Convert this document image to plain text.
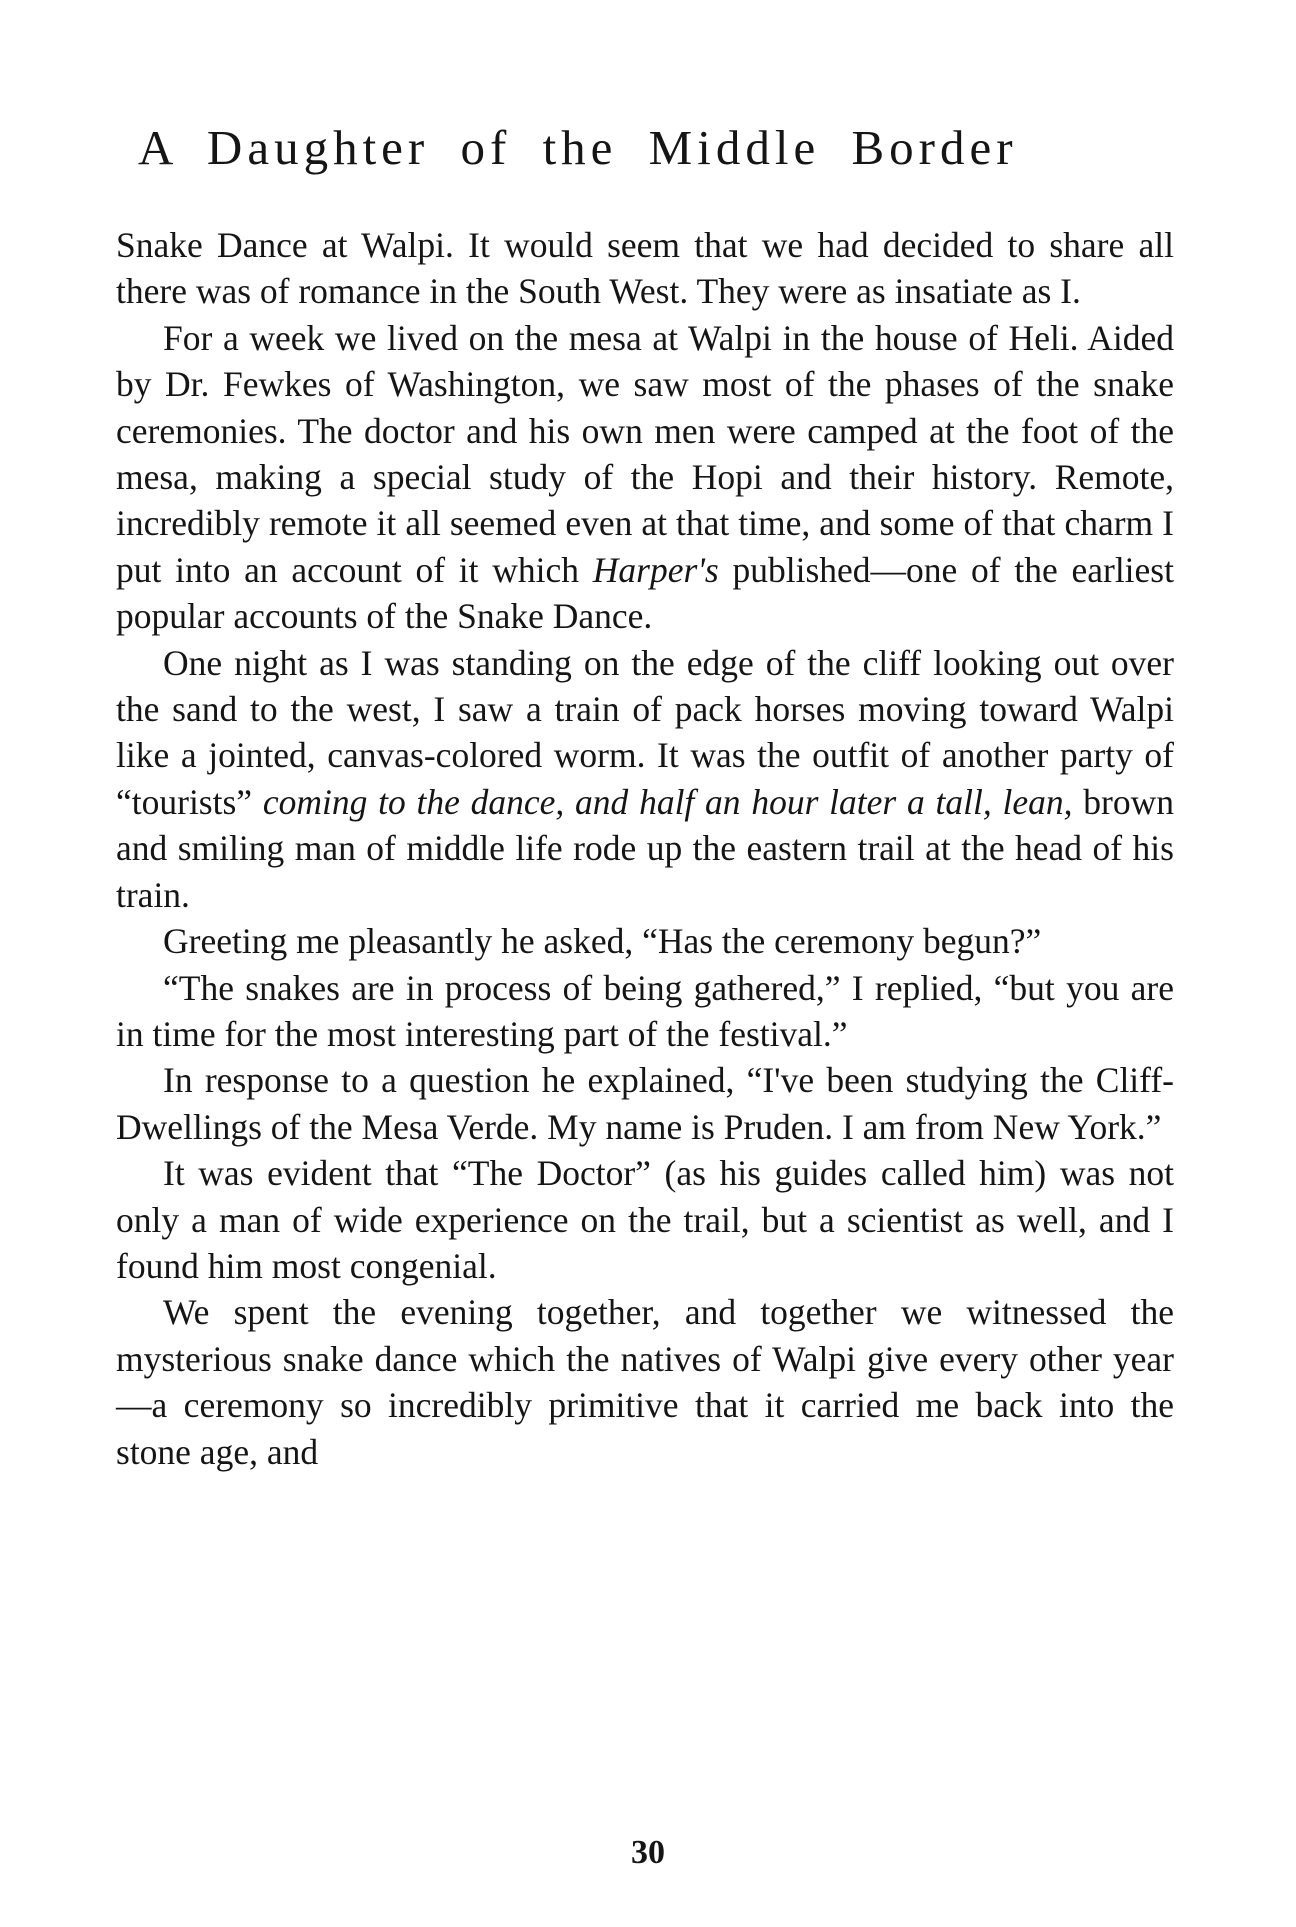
A Daughter of the Middle Border

Snake Dance at Walpi. It would seem that we had decided to share all there was of romance in the South West. They were as insatiate as I.

For a week we lived on the mesa at Walpi in the house of Heli. Aided by Dr. Fewkes of Washington, we saw most of the phases of the snake ceremonies. The doctor and his own men were camped at the foot of the mesa, making a special study of the Hopi and their history. Remote, incredibly remote it all seemed even at that time, and some of that charm I put into an account of it which Harper's published—one of the earliest popular accounts of the Snake Dance.

One night as I was standing on the edge of the cliff looking out over the sand to the west, I saw a train of pack horses moving toward Walpi like a jointed, canvas-colored worm. It was the outfit of another party of “tourists” coming to the dance, and half an hour later a tall, lean, brown and smiling man of middle life rode up the eastern trail at the head of his train.

Greeting me pleasantly he asked, “Has the ceremony begun?”

“The snakes are in process of being gathered,” I replied, “but you are in time for the most interesting part of the festival.”

In response to a question he explained, “I've been studying the Cliff-Dwellings of the Mesa Verde. My name is Pruden. I am from New York.”

It was evident that “The Doctor” (as his guides called him) was not only a man of wide experience on the trail, but a scientist as well, and I found him most congenial.

We spent the evening together, and together we witnessed the mysterious snake dance which the natives of Walpi give every other year—a ceremony so incredibly primitive that it carried me back into the stone age, and

30
